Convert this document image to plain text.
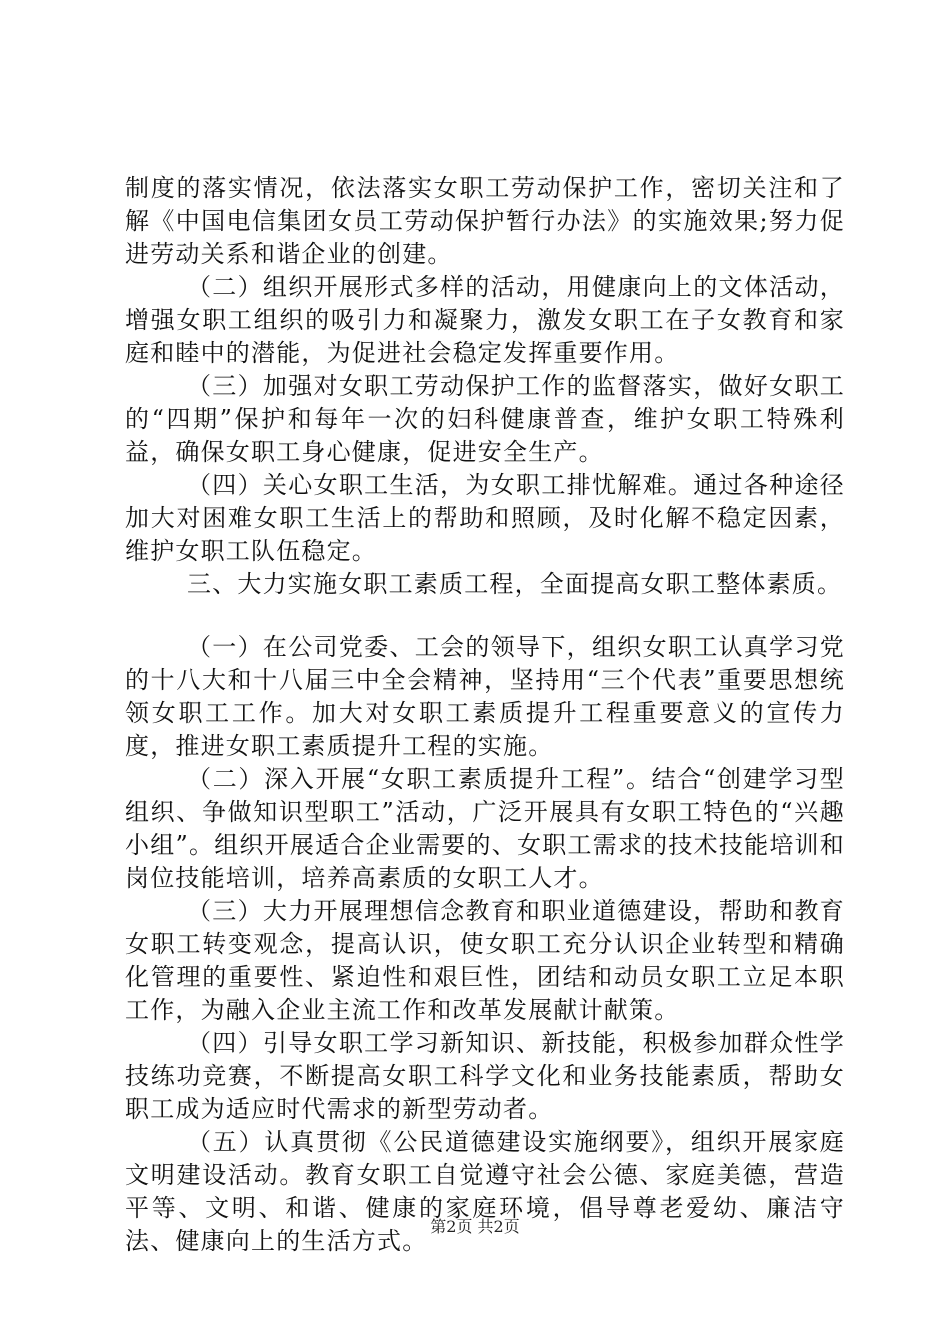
制度的落实情况，依法落实女职工劳动保护工作，密切关注和了解《中国电信集团女员工劳动保护暂行办法》的实施效果;努力促进劳动关系和谐企业的创建。

（二）组织开展形式多样的活动，用健康向上的文体活动，增强女职工组织的吸引力和凝聚力，激发女职工在子女教育和家庭和睦中的潜能，为促进社会稳定发挥重要作用。

（三）加强对女职工劳动保护工作的监督落实，做好女职工的“四期”保护和每年一次的妇科健康普查，维护女职工特殊利益，确保女职工身心健康，促进安全生产。

（四）关心女职工生活，为女职工排忧解难。通过各种途径加大对困难女职工生活上的帮助和照顾，及时化解不稳定因素，维护女职工队伍稳定。

三、大力实施女职工素质工程，全面提高女职工整体素质。

（一）在公司党委、工会的领导下，组织女职工认真学习党的十八大和十八届三中全会精神，坚持用“三个代表”重要思想统领女职工工作。加大对女职工素质提升工程重要意义的宣传力度，推进女职工素质提升工程的实施。

（二）深入开展“女职工素质提升工程”。结合“创建学习型组织、争做知识型职工”活动，广泛开展具有女职工特色的“兴趣小组”。组织开展适合企业需要的、女职工需求的技术技能培训和岗位技能培训，培养高素质的女职工人才。

（三）大力开展理想信念教育和职业道德建设，帮助和教育女职工转变观念，提高认识，使女职工充分认识企业转型和精确化管理的重要性、紧迫性和艰巨性，团结和动员女职工立足本职工作，为融入企业主流工作和改革发展献计献策。

（四）引导女职工学习新知识、新技能，积极参加群众性学技练功竞赛，不断提高女职工科学文化和业务技能素质，帮助女职工成为适应时代需求的新型劳动者。

（五）认真贯彻《公民道德建设实施纲要》，组织开展家庭文明建设活动。教育女职工自觉遵守社会公德、家庭美德，营造平等、文明、和谐、健康的家庭环境，倡导尊老爱幼、廉洁守法、健康向上的生活方式。

第2页 共2页
